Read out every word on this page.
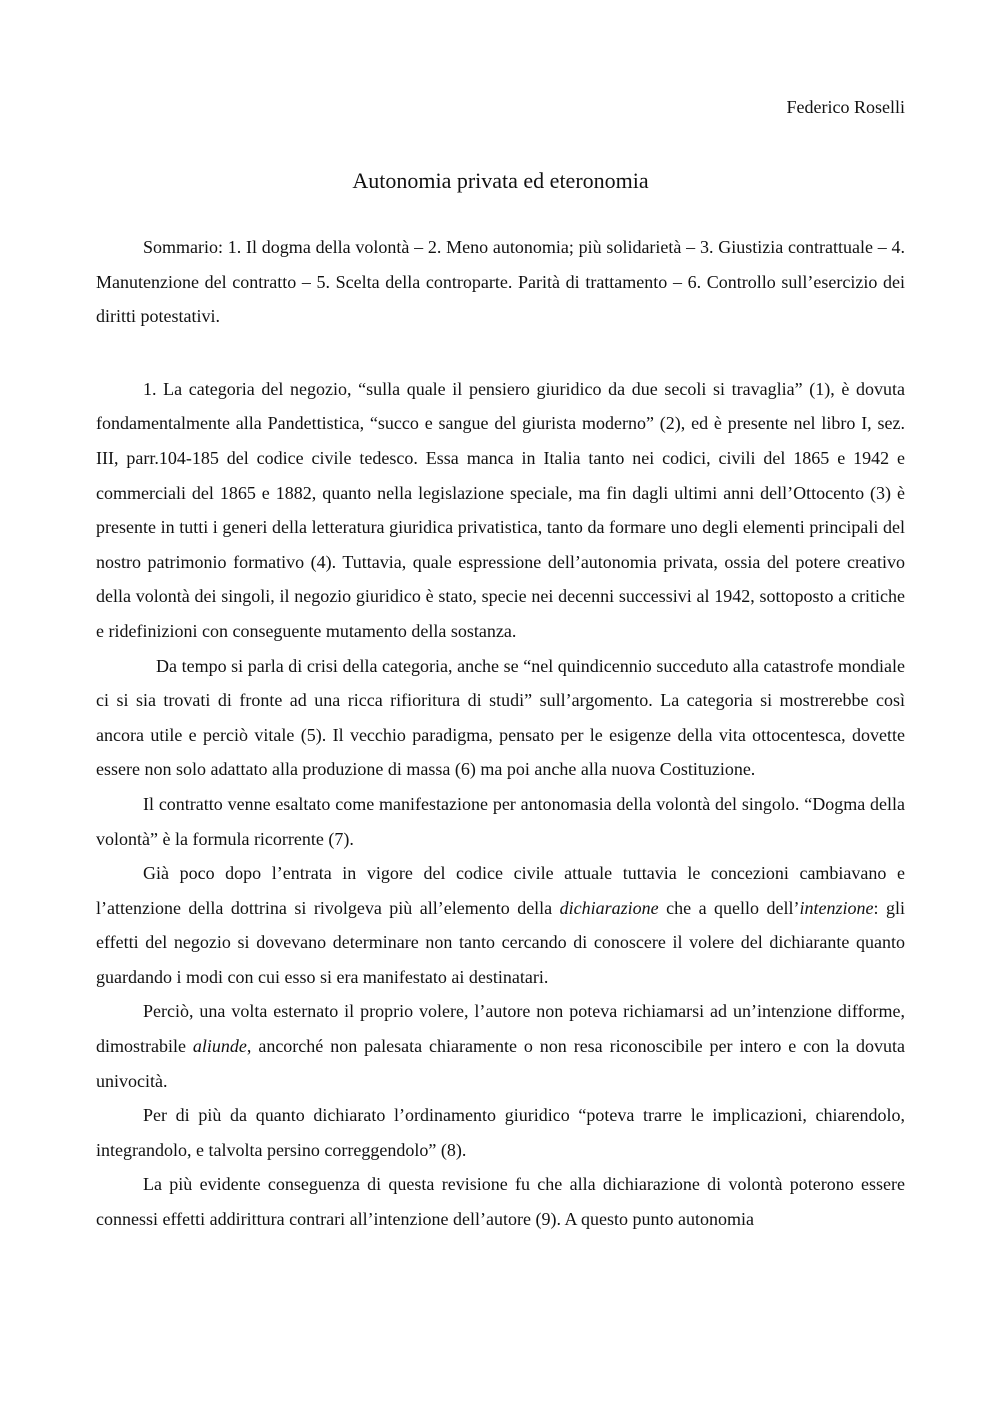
Federico Roselli

Autonomia privata ed eteronomia

Sommario: 1. Il dogma della volontà – 2. Meno autonomia; più solidarietà – 3. Giustizia contrattuale – 4. Manutenzione del contratto – 5. Scelta della controparte. Parità di trattamento – 6. Controllo sull’esercizio dei diritti potestativi.

1. La categoria del negozio, “sulla quale il pensiero giuridico da due secoli si travaglia” (1), è dovuta fondamentalmente alla Pandettistica, “succo e sangue del giurista moderno” (2), ed è presente nel libro I, sez. III, parr.104-185 del codice civile tedesco. Essa manca in Italia tanto nei codici, civili del 1865 e 1942 e commerciali del 1865 e 1882, quanto nella legislazione speciale, ma fin dagli ultimi anni dell’Ottocento (3) è presente in tutti i generi della letteratura giuridica privatistica, tanto da formare uno degli elementi principali del nostro patrimonio formativo (4). Tuttavia, quale espressione dell’autonomia privata, ossia del potere creativo della volontà dei singoli, il negozio giuridico è stato, specie nei decenni successivi al 1942, sottoposto a critiche e ridefinizioni con conseguente mutamento della sostanza.

Da tempo si parla di crisi della categoria, anche se “nel quindicennio succeduto alla catastrofe mondiale ci si sia trovati di fronte ad una ricca rifioritura di studi” sull’argomento. La categoria si mostrerebbe così ancora utile e perciò vitale (5). Il vecchio paradigma, pensato per le esigenze della vita ottocentesca, dovette essere non solo adattato alla produzione di massa (6) ma poi anche alla nuova Costituzione.

Il contratto venne esaltato come manifestazione per antonomasia della volontà del singolo. “Dogma della volontà” è la formula ricorrente (7).

Già poco dopo l’entrata in vigore del codice civile attuale tuttavia le concezioni cambiavano e l’attenzione della dottrina si rivolgeva più all’elemento della dichiarazione che a quello dell’intenzione: gli effetti del negozio si dovevano determinare non tanto cercando di conoscere il volere del dichiarante quanto guardando i modi con cui esso si era manifestato ai destinatari.

Perciò, una volta esternato il proprio volere, l’autore non poteva richiamarsi ad un’intenzione difforme, dimostrabile aliunde, ancorché non palesata chiaramente o non resa riconoscibile per intero e con la dovuta univocità.

Per di più da quanto dichiarato l’ordinamento giuridico “poteva trarre le implicazioni, chiarendolo, integrandolo, e talvolta persino correggendolo” (8).

La più evidente conseguenza di questa revisione fu che alla dichiarazione di volontà poterono essere connessi effetti addirittura contrari all’intenzione dell’autore (9). A questo punto autonomia
